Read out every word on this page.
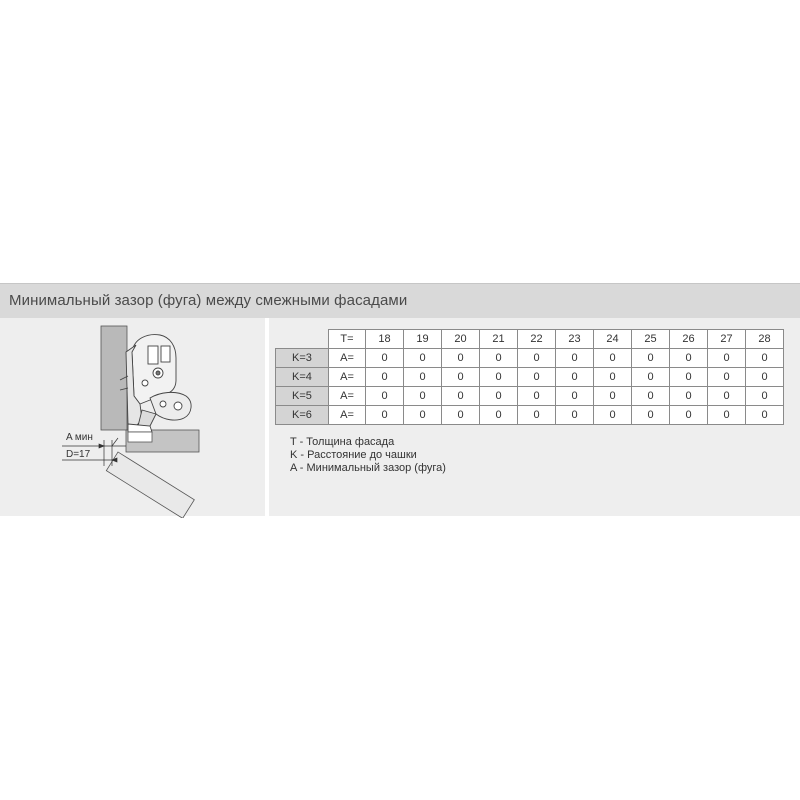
Минимальный зазор (фуга) между смежными фасадами
A мин
D=17
	T=	18	19	20	21	22	23	24	25	26	27	28
K=3	A=	0	0	0	0	0	0	0	0	0	0	0
K=4	A=	0	0	0	0	0	0	0	0	0	0	0
K=5	A=	0	0	0	0	0	0	0	0	0	0	0
K=6	A=	0	0	0	0	0	0	0	0	0	0	0
T - Толщина фасада
K - Расстояние до чашки
A - Минимальный зазор (фуга)
